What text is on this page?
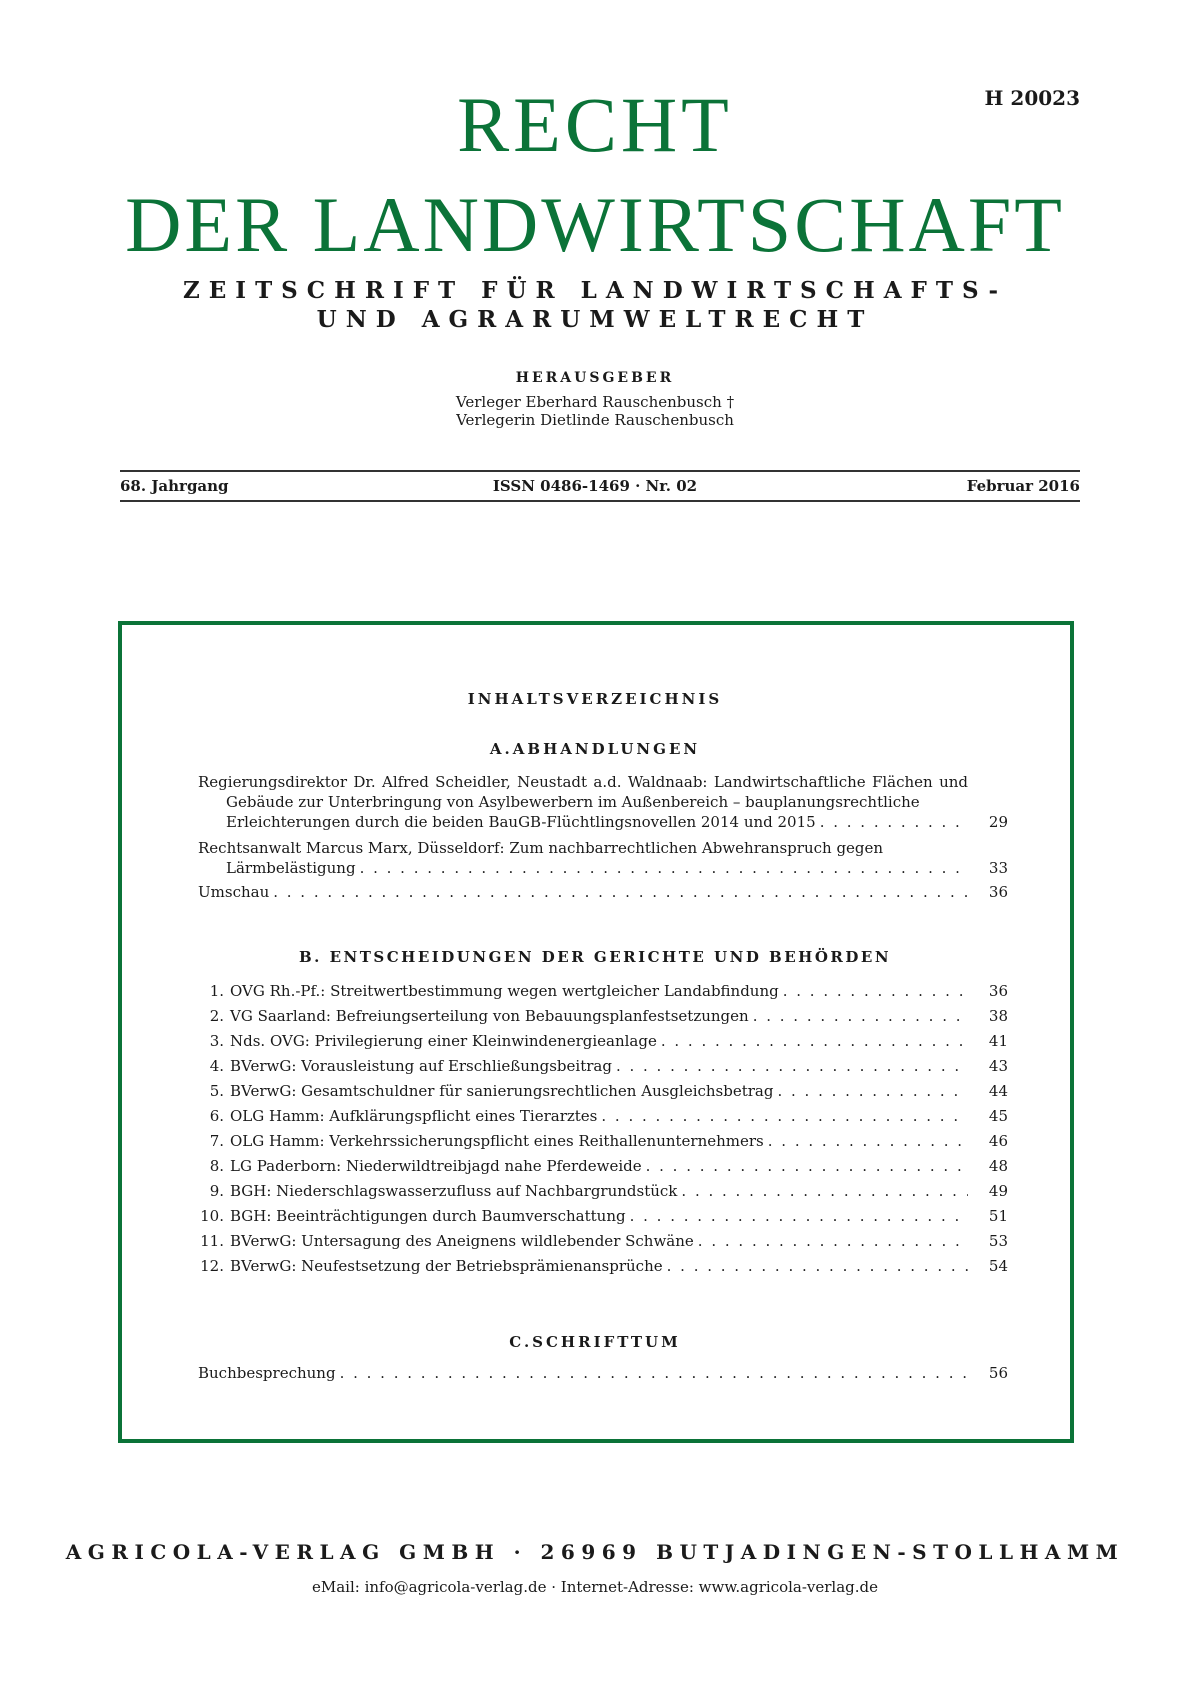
H 20023
RECHT
DER LANDWIRTSCHAFT
ZEITSCHRIFT FÜR LANDWIRTSCHAFTS-
UND AGRARUMWELTRECHT
HERAUSGEBER
Verleger Eberhard Rauschenbusch †
Verlegerin Dietlinde Rauschenbusch
68. Jahrgang	ISSN 0486-1469 · Nr. 02	Februar 2016
INHALTSVERZEICHNIS
A.ABHANDLUNGEN
Regierungsdirektor Dr. Alfred Scheidler, Neustadt a.d. Waldnaab: Landwirtschaftliche Flächen und Gebäude zur Unterbringung von Asylbewerbern im Außenbereich – bauplanungsrechtliche
Erleichterungen durch die beiden BauGB-Flüchtlingsnovellen 2014 und 2015 . . .	29
Rechtsanwalt Marcus Marx, Düsseldorf: Zum nachbarrechtlichen Abwehranspruch gegen
Lärmbelästigung . . .	33
Umschau . . .	36
B. ENTSCHEIDUNGEN DER GERICHTE UND BEHÖRDEN
1. OVG Rh.-Pf.: Streitwertbestimmung wegen wertgleicher Landabfindung . . .	36
2. VG Saarland: Befreiungserteilung von Bebauungsplanfestsetzungen . . .	38
3. Nds. OVG: Privilegierung einer Kleinwindenergieanlage . . .	41
4. BVerwG: Vorausleistung auf Erschließungsbeitrag . . .	43
5. BVerwG: Gesamtschuldner für sanierungsrechtlichen Ausgleichsbetrag . . .	44
6. OLG Hamm: Aufklärungspflicht eines Tierarztes . . .	45
7. OLG Hamm: Verkehrssicherungspflicht eines Reithallenunternehmers . . .	46
8. LG Paderborn: Niederwildtreibjagd nahe Pferdeweide . . .	48
9. BGH: Niederschlagswasserzufluss auf Nachbargrundstück . . .	49
10. BGH: Beeinträchtigungen durch Baumverschattung . . .	51
11. BVerwG: Untersagung des Aneignens wildlebender Schwäne . . .	53
12. BVerwG: Neufestsetzung der Betriebsprämienansprüche . . .	54
C.SCHRIFTTUM
Buchbesprechung . . .	56
AGRICOLA-VERLAG GMBH · 26969 BUTJADINGEN-STOLLHAMM
eMail: info@agricola-verlag.de · Internet-Adresse: www.agricola-verlag.de
